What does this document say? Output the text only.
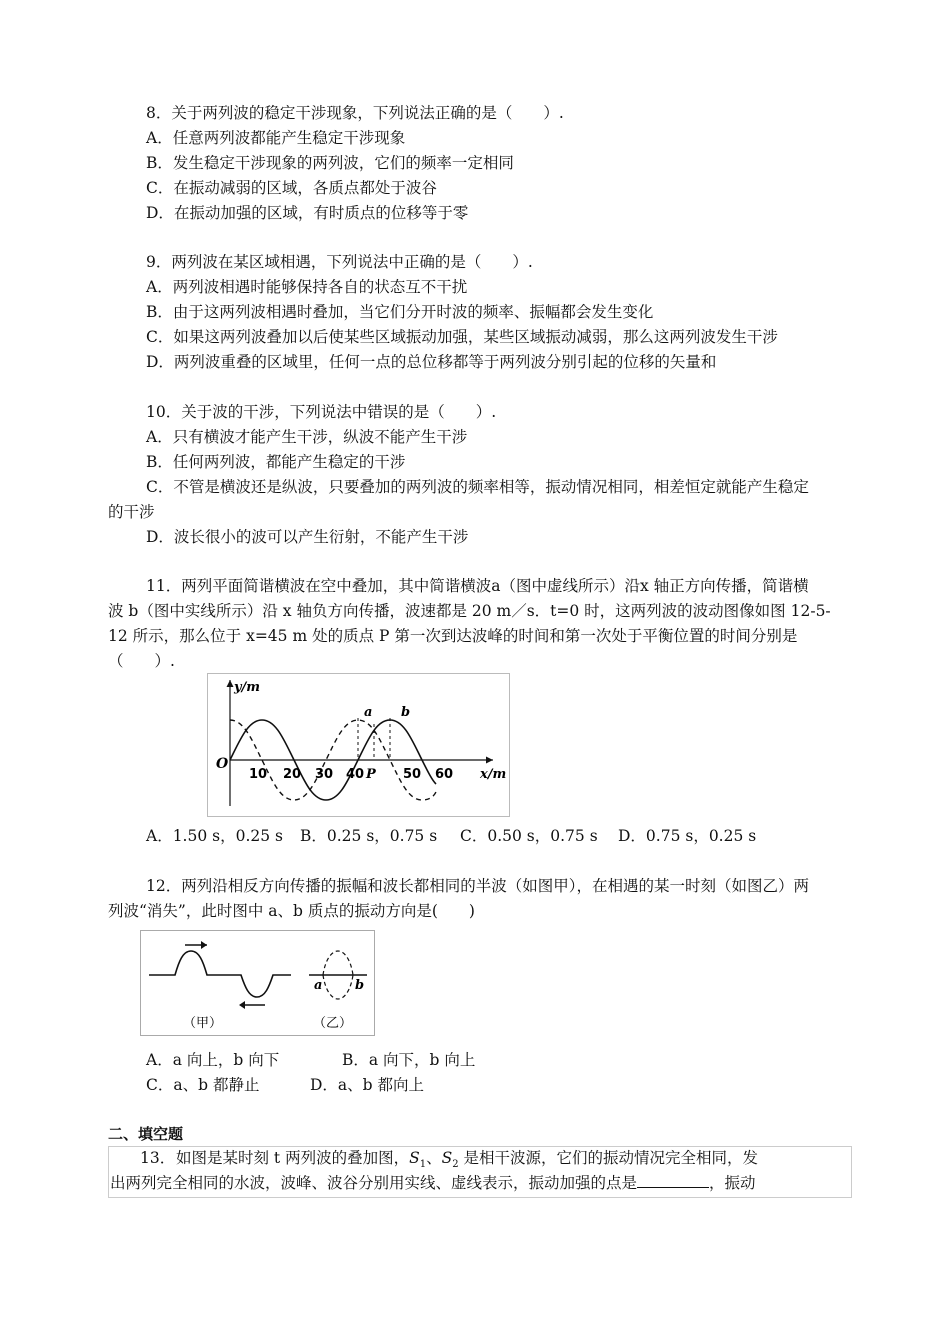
8．关于两列波的稳定干涉现象，下列说法正确的是（　　）.
A．任意两列波都能产生稳定干涉现象
B．发生稳定干涉现象的两列波，它们的频率一定相同
C．在振动减弱的区域，各质点都处于波谷
D．在振动加强的区域，有时质点的位移等于零
9．两列波在某区域相遇，下列说法中正确的是（　　）.
A．两列波相遇时能够保持各自的状态互不干扰
B．由于这两列波相遇时叠加，当它们分开时波的频率、振幅都会发生变化
C．如果这两列波叠加以后使某些区域振动加强，某些区域振动减弱，那么这两列波发生干涉
D．两列波重叠的区域里，任何一点的总位移都等于两列波分别引起的位移的矢量和
10．关于波的干涉，下列说法中错误的是（　　）.
A．只有横波才能产生干涉，纵波不能产生干涉
B．任何两列波，都能产生稳定的干涉
C．不管是横波还是纵波，只要叠加的两列波的频率相等，振动情况相同，相差恒定就能产生稳定
的干涉
D．波长很小的波可以产生衍射，不能产生干涉
11．两列平面简谐横波在空中叠加，其中简谐横波a（图中虚线所示）沿x 轴正方向传播，简谐横
波 b（图中实线所示）沿 x 轴负方向传播，波速都是 20 m／s．t=0 时，这两列波的波动图像如图 12-5-
12 所示，那么位于 x=45 m 处的质点 P 第一次到达波峰的时间和第一次处于平衡位置的时间分别是
（　　）.
y/m
x/m
O
10 20 30 40	50 60
P
a b
A．1.50 s，0.25 s B．0.25 s，0.75 s C．0.50 s，0.75 s D．0.75 s，0.25 s
12．两列沿相反方向传播的振幅和波长都相同的半波（如图甲），在相遇的某一时刻（如图乙）两
列波“消失”，此时图中 a、b 质点的振动方向是(　　)
a	b
（甲）	（乙）
A．a 向上，b 向下	B．a 向下，b 向上
C．a、b 都静止	D．a、b 都向上
二、填空题
13． 如图是某时刻 t 两列波的叠加图，$S_1$、$S_2$ 是相干波源，它们的振动情况完全相同，发
出两列完全相同的水波，波峰、波谷分别用实线、虚线表示，振动加强的点是	，振动
